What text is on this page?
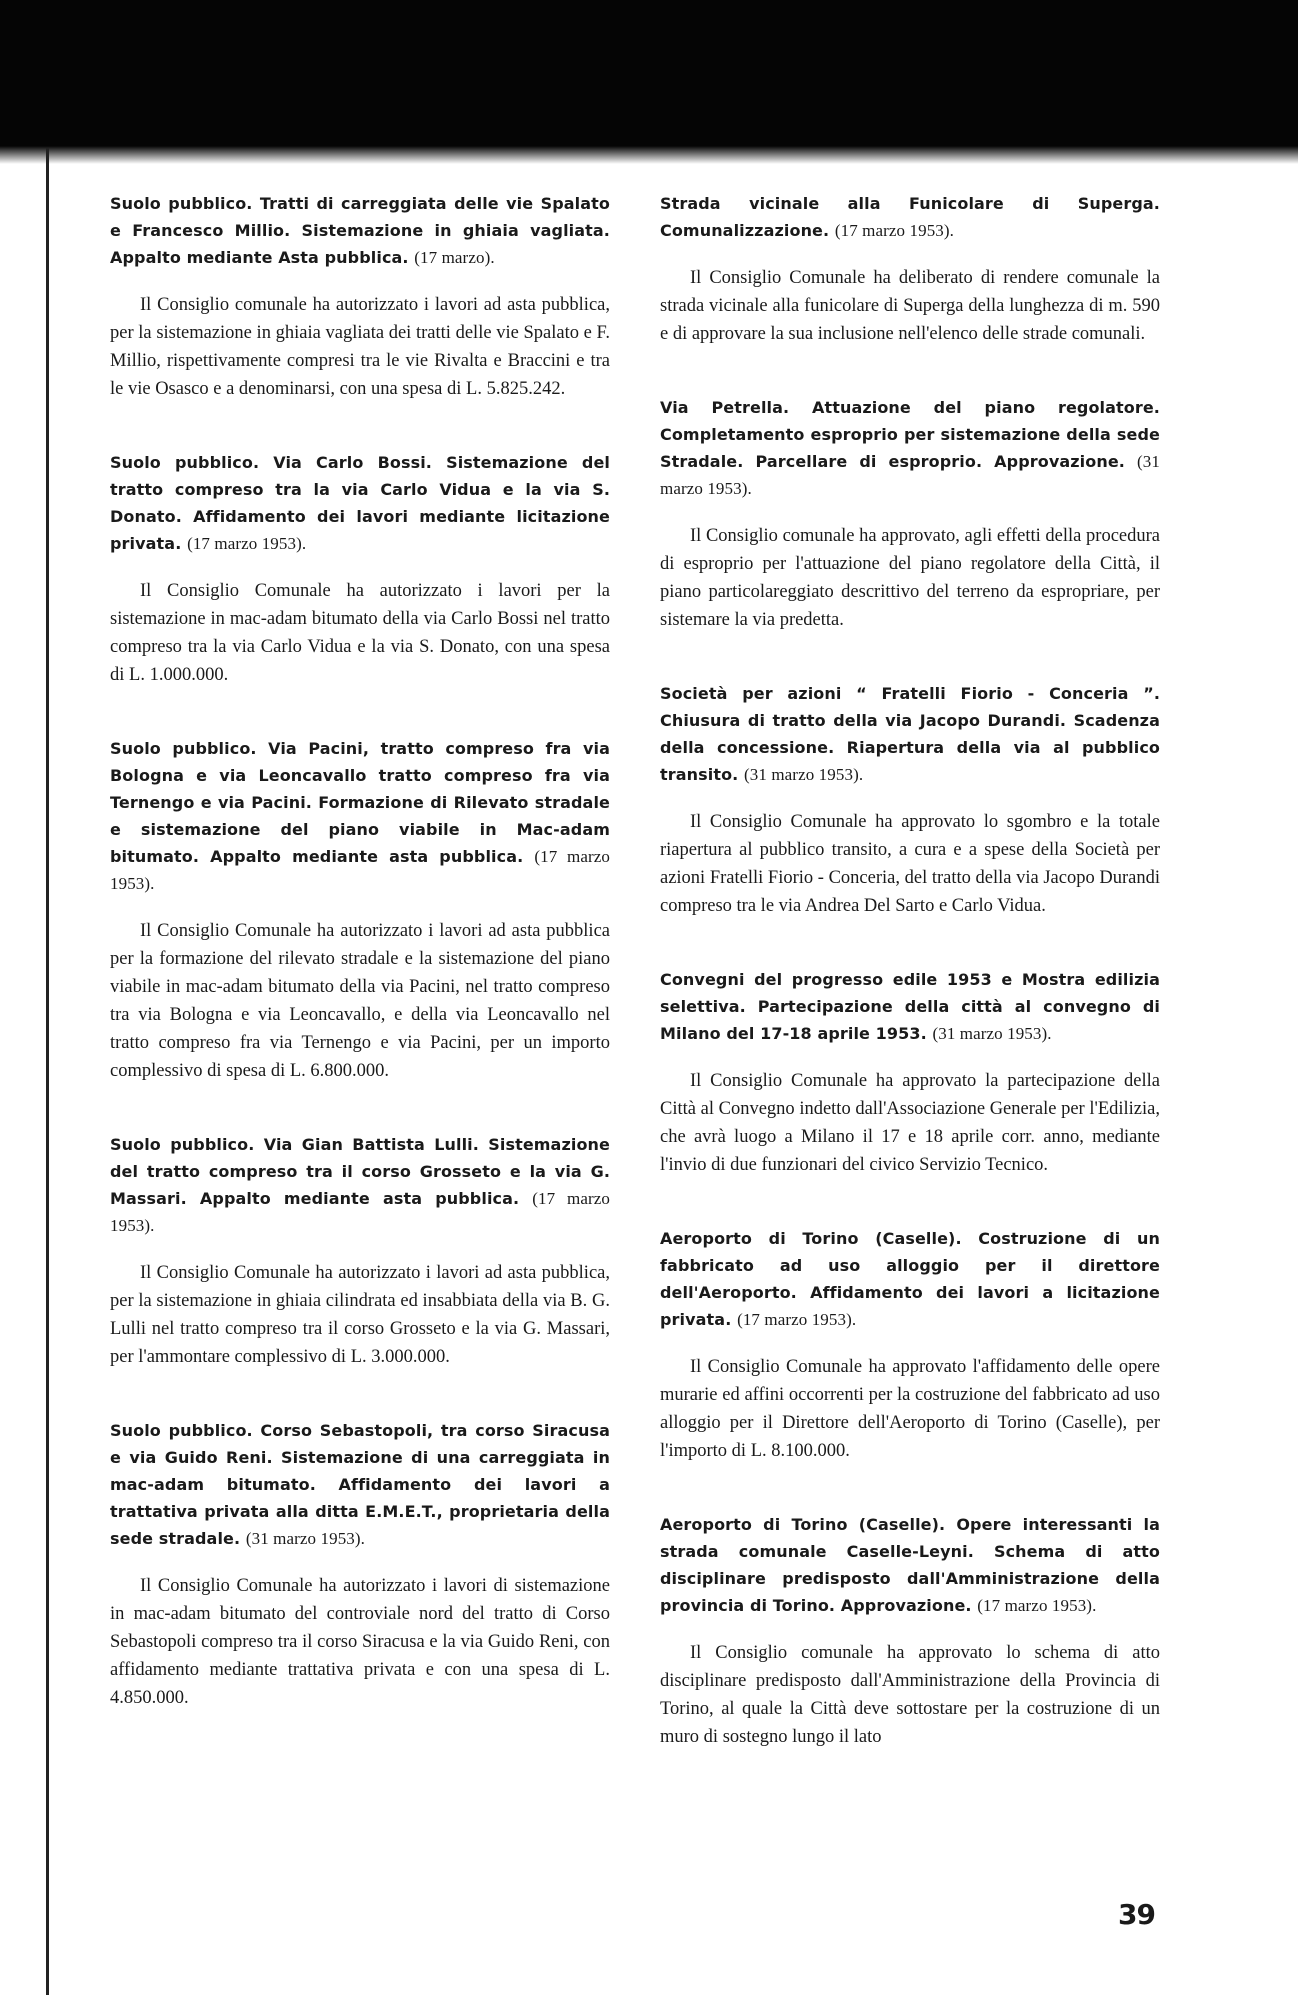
Suolo pubblico. Tratti di carreggiata delle vie Spalato e Francesco Millio. Sistemazione in ghiaia vagliata. Appalto mediante Asta pubblica. (17 marzo).

Il Consiglio comunale ha autorizzato i lavori ad asta pubblica, per la sistemazione in ghiaia vagliata dei tratti delle vie Spalato e F. Millio, rispettivamente compresi tra le vie Rivalta e Braccini e tra le vie Osasco e a denominarsi, con una spesa di L. 5.825.242.

Suolo pubblico. Via Carlo Bossi. Sistemazione del tratto compreso tra la via Carlo Vidua e la via S. Donato. Affidamento dei lavori mediante licitazione privata. (17 marzo 1953).

Il Consiglio Comunale ha autorizzato i lavori per la sistemazione in mac-adam bitumato della via Carlo Bossi nel tratto compreso tra la via Carlo Vidua e la via S. Donato, con una spesa di L. 1.000.000.

Suolo pubblico. Via Pacini, tratto compreso fra via Bologna e via Leoncavallo tratto compreso fra via Ternengo e via Pacini. Formazione di Rilevato stradale e sistemazione del piano viabile in Mac-adam bitumato. Appalto mediante asta pubblica. (17 marzo 1953).

Il Consiglio Comunale ha autorizzato i lavori ad asta pubblica per la formazione del rilevato stradale e la sistemazione del piano viabile in mac-adam bitumato della via Pacini, nel tratto compreso tra via Bologna e via Leoncavallo, e della via Leoncavallo nel tratto compreso fra via Ternengo e via Pacini, per un importo complessivo di spesa di L. 6.800.000.

Suolo pubblico. Via Gian Battista Lulli. Sistemazione del tratto compreso tra il corso Grosseto e la via G. Massari. Appalto mediante asta pubblica. (17 marzo 1953).

Il Consiglio Comunale ha autorizzato i lavori ad asta pubblica, per la sistemazione in ghiaia cilindrata ed insabbiata della via B. G. Lulli nel tratto compreso tra il corso Grosseto e la via G. Massari, per l'ammontare complessivo di L. 3.000.000.

Suolo pubblico. Corso Sebastopoli, tra corso Siracusa e via Guido Reni. Sistemazione di una carreggiata in mac-adam bitumato. Affidamento dei lavori a trattativa privata alla ditta E.M.E.T., proprietaria della sede stradale. (31 marzo 1953).

Il Consiglio Comunale ha autorizzato i lavori di sistemazione in mac-adam bitumato del controviale nord del tratto di Corso Sebastopoli compreso tra il corso Siracusa e la via Guido Reni, con affidamento mediante trattativa privata e con una spesa di L. 4.850.000.

Strada vicinale alla Funicolare di Superga. Comunalizzazione. (17 marzo 1953).

Il Consiglio Comunale ha deliberato di rendere comunale la strada vicinale alla funicolare di Superga della lunghezza di m. 590 e di approvare la sua inclusione nell'elenco delle strade comunali.

Via Petrella. Attuazione del piano regolatore. Completamento esproprio per sistemazione della sede Stradale. Parcellare di esproprio. Approvazione. (31 marzo 1953).

Il Consiglio comunale ha approvato, agli effetti della procedura di esproprio per l'attuazione del piano regolatore della Città, il piano particolareggiato descrittivo del terreno da espropriare, per sistemare la via predetta.

Società per azioni “ Fratelli Fiorio - Conceria ”. Chiusura di tratto della via Jacopo Durandi. Scadenza della concessione. Riapertura della via al pubblico transito. (31 marzo 1953).

Il Consiglio Comunale ha approvato lo sgombro e la totale riapertura al pubblico transito, a cura e a spese della Società per azioni Fratelli Fiorio - Conceria, del tratto della via Jacopo Durandi compreso tra le via Andrea Del Sarto e Carlo Vidua.

Convegni del progresso edile 1953 e Mostra edilizia selettiva. Partecipazione della città al convegno di Milano del 17-18 aprile 1953. (31 marzo 1953).

Il Consiglio Comunale ha approvato la partecipazione della Città al Convegno indetto dall'Associazione Generale per l'Edilizia, che avrà luogo a Milano il 17 e 18 aprile corr. anno, mediante l'invio di due funzionari del civico Servizio Tecnico.

Aeroporto di Torino (Caselle). Costruzione di un fabbricato ad uso alloggio per il direttore dell'Aeroporto. Affidamento dei lavori a licitazione privata. (17 marzo 1953).

Il Consiglio Comunale ha approvato l'affidamento delle opere murarie ed affini occorrenti per la costruzione del fabbricato ad uso alloggio per il Direttore dell'Aeroporto di Torino (Caselle), per l'importo di L. 8.100.000.

Aeroporto di Torino (Caselle). Opere interessanti la strada comunale Caselle-Leyni. Schema di atto disciplinare predisposto dall'Amministrazione della provincia di Torino. Approvazione. (17 marzo 1953).

Il Consiglio comunale ha approvato lo schema di atto disciplinare predisposto dall'Amministrazione della Provincia di Torino, al quale la Città deve sottostare per la costruzione di un muro di sostegno lungo il lato

39
